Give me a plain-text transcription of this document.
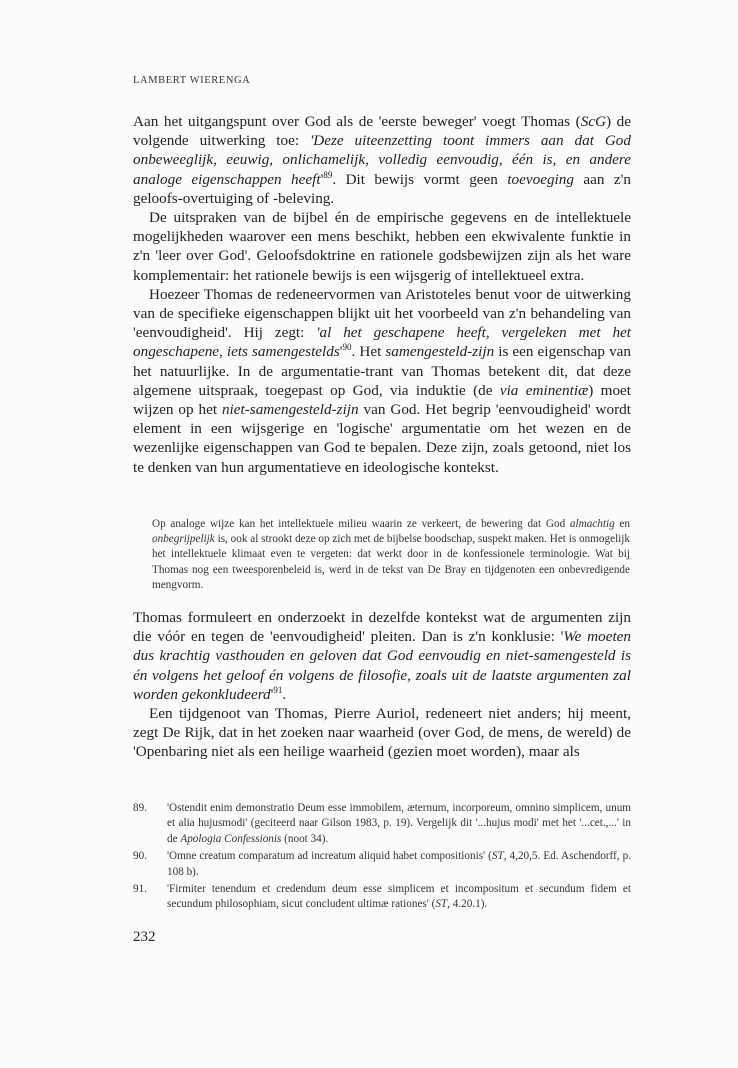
LAMBERT WIERENGA

Aan het uitgangspunt over God als de 'eerste beweger' voegt Thomas (ScG) de volgende uitwerking toe: 'Deze uiteenzetting toont immers aan dat God onbeweeglijk, eeuwig, onlichamelijk, volledig eenvoudig, één is, en andere analoge eigenschappen $heeft'^{89}$. Dit bewijs vormt geen toevoeging aan z'n geloofs-overtuiging of -beleving.

De uitspraken van de bijbel én de empirische gegevens en de intellektuele mogelijkheden waarover een mens beschikt, hebben een ekwivalente funktie in z'n 'leer over God'. Geloofsdoktrine en rationele godsbewijzen zijn als het ware komplementair: het rationele bewijs is een wijsgerig of intellektueel extra.

Hoezeer Thomas de redeneervormen van Aristoteles benut voor de uitwerking van de specifieke eigenschappen blijkt uit het voorbeeld van z'n behandeling van 'eenvoudigheid'. Hij zegt: 'al het geschapene heeft, vergeleken met het ongeschapene, iets $samengestelds'^{90}$. Het samengesteld-zijn is een eigenschap van het natuurlijke. In de argumentatie-trant van Thomas betekent dit, dat deze algemene uitspraak, toegepast op God, via induktie (de via eminentiæ) moet wijzen op het niet-samengesteld-zijn van God. Het begrip 'eenvoudigheid' wordt element in een wijsgerige en 'logische' argumentatie om het wezen en de wezenlijke eigenschappen van God te bepalen. Deze zijn, zoals getoond, niet los te denken van hun argumentatieve en ideologische kontekst.

Op analoge wijze kan het intellektuele milieu waarin ze verkeert, de bewering dat God almachtig en onbegrijpelijk is, ook al strookt deze op zich met de bijbelse boodschap, suspekt maken. Het is onmogelijk het intellektuele klimaat even te vergeten: dat werkt door in de konfessionele terminologie. Wat bij Thomas nog een tweesporenbeleid is, werd in de tekst van De Bray en tijdgenoten een onbevredigende mengvorm.

Thomas formuleert en onderzoekt in dezelfde kontekst wat de argumenten zijn die vóór en tegen de 'eenvoudigheid' pleiten. Dan is z'n konklusie: 'We moeten dus krachtig vasthouden en geloven dat God eenvoudig en niet-samengesteld is én volgens het geloof én volgens de filosofie, zoals uit de laatste argumenten zal worden $gekonkludeerd'^{91}$.

Een tijdgenoot van Thomas, Pierre Auriol, redeneert niet anders; hij meent, zegt De Rijk, dat in het zoeken naar waarheid (over God, de mens, de wereld) de 'Openbaring niet als een heilige waarheid (gezien moet worden), maar als

89.	'Ostendit enim demonstratio Deum esse immobilem, æternum, incorporeum, omnino simplicem, unum et alia hujusmodi' (geciteerd naar Gilson 1983, p. 19). Vergelijk dit '...hujus modi' met het '...cet.,...' in de Apologia Confessionis (noot 34).
90.	'Omne creatum comparatum ad increatum aliquid habet compositionis' (ST, 4,20,5. Ed. Aschendorff, p. 108 b).
91.	'Firmiter tenendum et credendum deum esse simplicem et incompositum et secundum fidem et secundum philosophiam, sicut concludent ultimæ rationes' (ST, 4.20.1).
232
